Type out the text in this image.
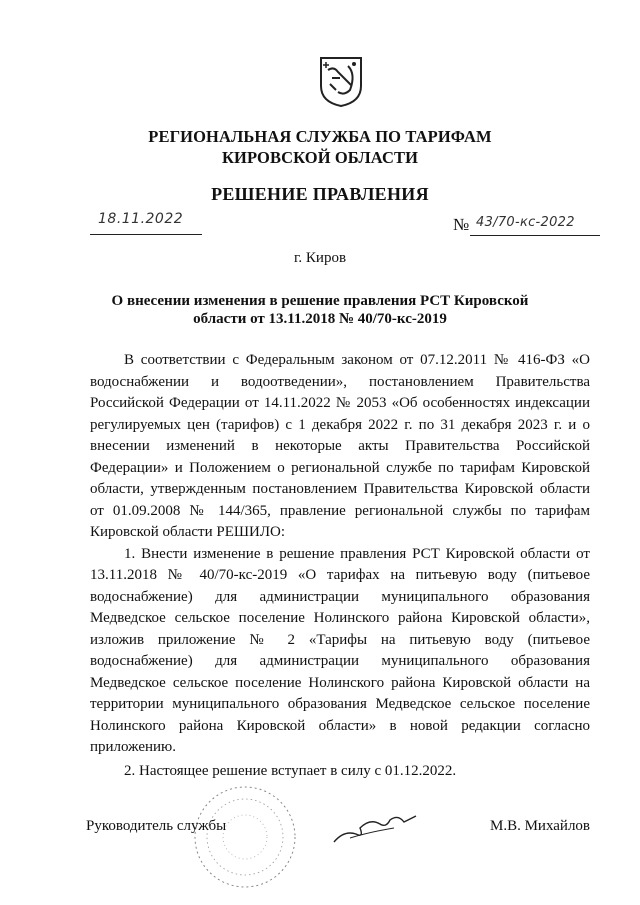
РЕГИОНАЛЬНАЯ СЛУЖБА ПО ТАРИФАМ
КИРОВСКОЙ ОБЛАСТИ
РЕШЕНИЕ ПРАВЛЕНИЯ
18.11.2022	№ 43/70-кс-2022
г. Киров
О внесении изменения в решение правления РСТ Кировской
области от 13.11.2018 № 40/70-кс-2019

В соответствии с Федеральным законом от 07.12.2011 № 416-ФЗ «О водоснабжении и водоотведении», постановлением Правительства Российской Федерации от 14.11.2022 № 2053 «Об особенностях индексации регулируемых цен (тарифов) с 1 декабря 2022 г. по 31 декабря 2023 г. и о внесении изменений в некоторые акты Правительства Российской Федерации» и Положением о региональной службе по тарифам Кировской области, утвержденным постановлением Правительства Кировской области от 01.09.2008 № 144/365, правление региональной службы по тарифам Кировской области РЕШИЛО:

1. Внести изменение в решение правления РСТ Кировской области от 13.11.2018 № 40/70-кс-2019 «О тарифах на питьевую воду (питьевое водоснабжение) для администрации муниципального образования Медведское сельское поселение Нолинского района Кировской области», изложив приложение № 2 «Тарифы на питьевую воду (питьевое водоснабжение) для администрации муниципального образования Медведское сельское поселение Нолинского района Кировской области на территории муниципального образования Медведское сельское поселение Нолинского района Кировской области» в новой редакции согласно приложению.

2. Настоящее решение вступает в силу с 01.12.2022.

Руководитель службы	М.В. Михайлов
